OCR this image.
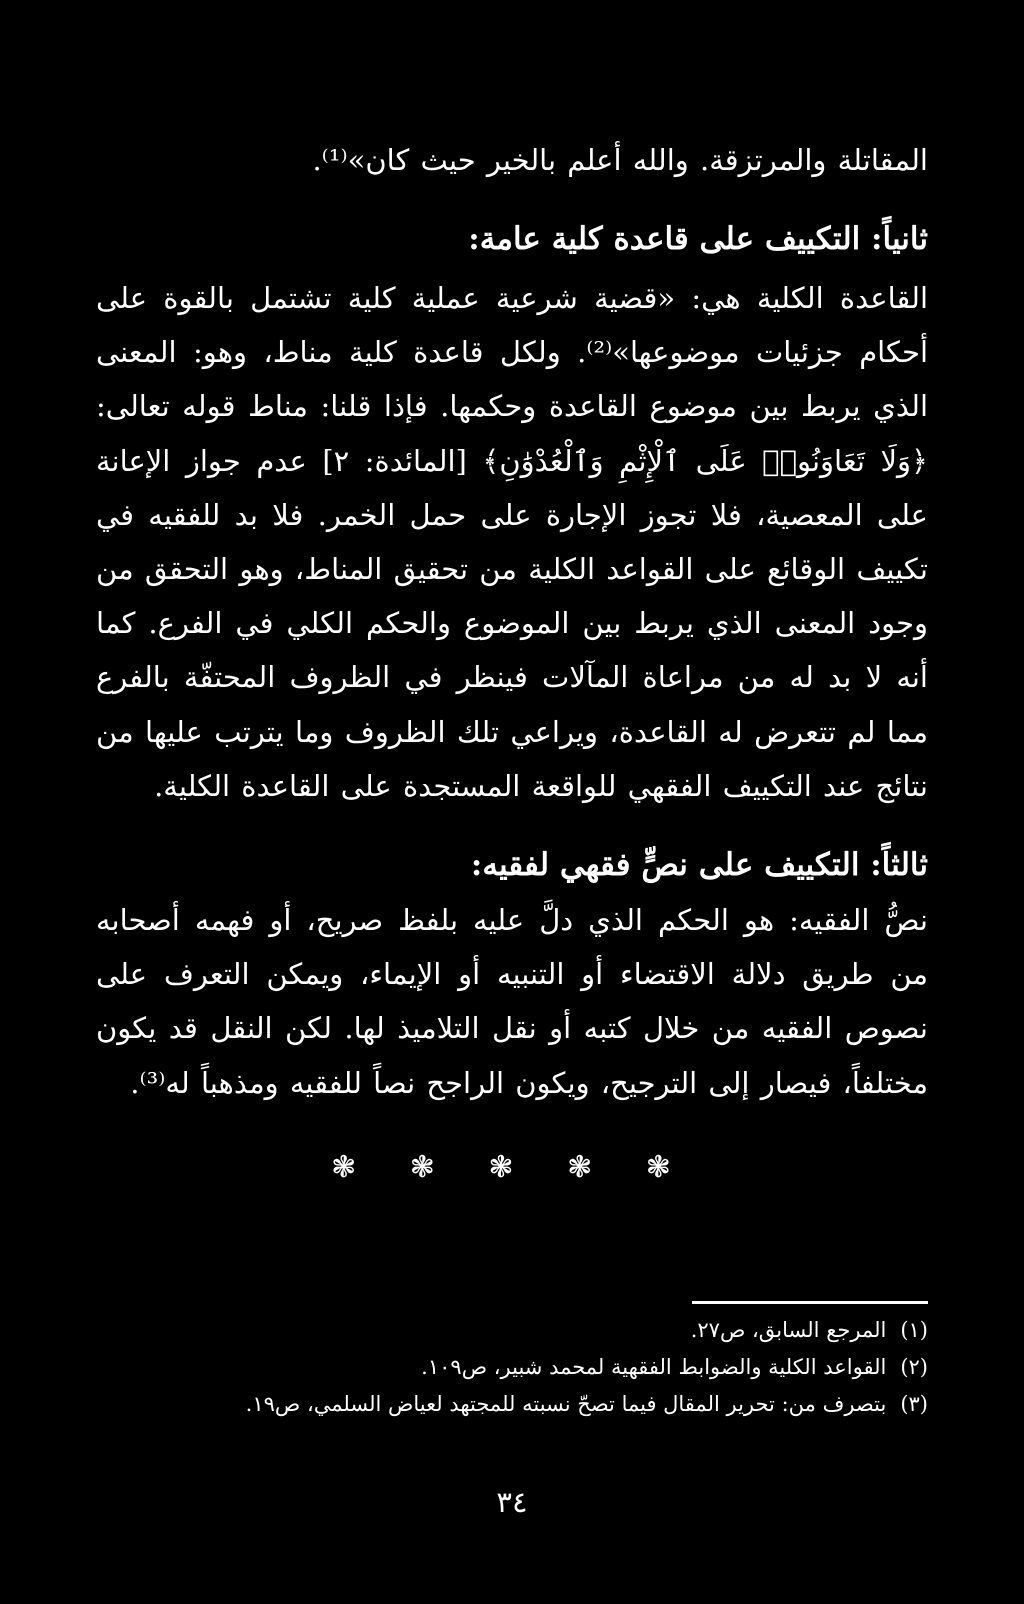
المقاتلة والمرتزقة. والله أعلم بالخير حيث كان»⁽¹⁾.

ثانياً: التكييف على قاعدة كلية عامة:

القاعدة الكلية هي: «قضية شرعية عملية كلية تشتمل بالقوة على أحكام جزئيات موضوعها»⁽²⁾. ولكل قاعدة كلية مناط، وهو: المعنى الذي يربط بين موضوع القاعدة وحكمها. فإذا قلنا: مناط قوله تعالى: ﴿وَلَا تَعَاوَنُوا۟ عَلَى ٱلْإِثْمِ وَٱلْعُدْوَٰنِ﴾ [المائدة: ٢] عدم جواز الإعانة على المعصية، فلا تجوز الإجارة على حمل الخمر. فلا بد للفقيه في تكييف الوقائع على القواعد الكلية من تحقيق المناط، وهو التحقق من وجود المعنى الذي يربط بين الموضوع والحكم الكلي في الفرع. كما أنه لا بد له من مراعاة المآلات فينظر في الظروف المحتفّة بالفرع مما لم تتعرض له القاعدة، ويراعي تلك الظروف وما يترتب عليها من نتائج عند التكييف الفقهي للواقعة المستجدة على القاعدة الكلية.

ثالثاً: التكييف على نصٍّ فقهي لفقيه:

نصُّ الفقيه: هو الحكم الذي دلَّ عليه بلفظ صريح، أو فهمه أصحابه من طريق دلالة الاقتضاء أو التنبيه أو الإيماء، ويمكن التعرف على نصوص الفقيه من خلال كتبه أو نقل التلاميذ لها. لكن النقل قد يكون مختلفاً، فيصار إلى الترجيح، ويكون الراجح نصاً للفقيه ومذهباً له⁽³⁾.

❃ ❃ ❃ ❃ ❃
(١)المرجع السابق، ص٢٧.
(٢)القواعد الكلية والضوابط الفقهية لمحمد شبير، ص١٠٩.
(٣)بتصرف من: تحرير المقال فيما تصحّ نسبته للمجتهد لعياض السلمي، ص١٩.
٣٤
